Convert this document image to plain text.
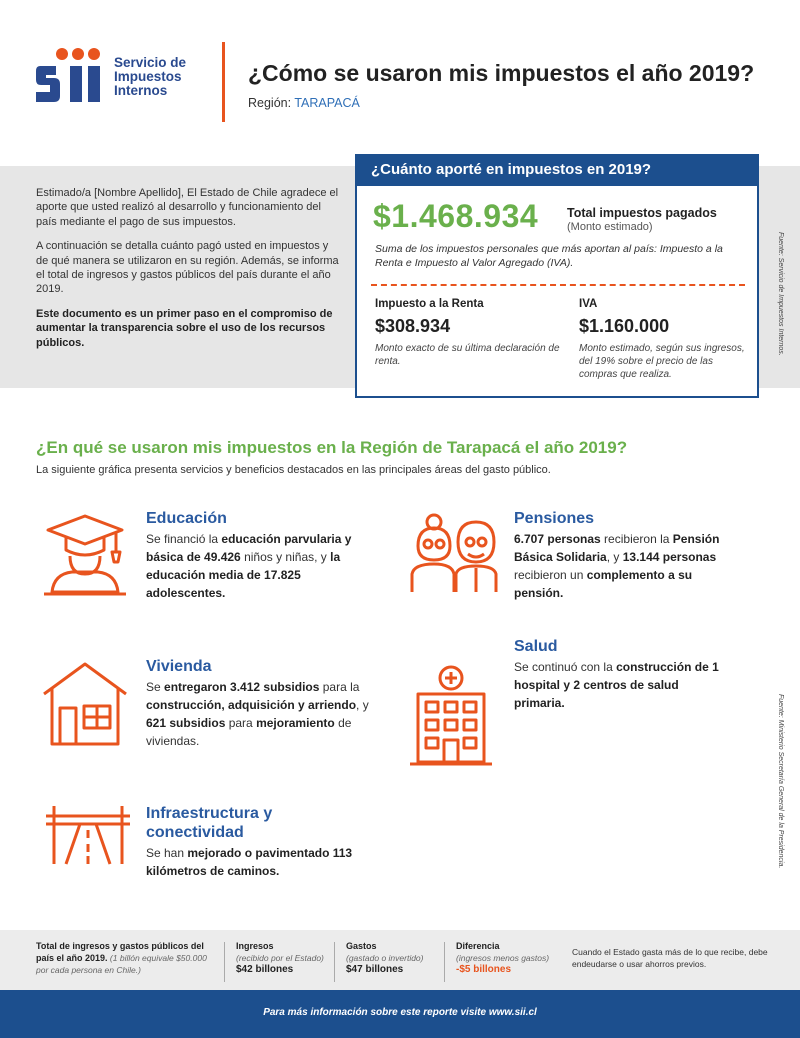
Servicio de
Impuestos
Internos
¿Cómo se usaron mis impuestos el año 2019?
Región: TARAPACÁ

Estimado/a [Nombre Apellido], El Estado de Chile agradece el aporte que usted realizó al desarrollo y funcionamiento del país mediante el pago de sus impuestos.

A continuación se detalla cuánto pagó usted en impuestos y de qué manera se utilizaron en su región. Además, se informa el total de ingresos y gastos públicos del país durante el año 2019.

Este documento es un primer paso en el compromiso de aumentar la transparencia sobre el uso de los recursos públicos.

¿Cuánto aporté en impuestos en 2019?
$1.468.934 Total impuestos pagados
(Monto estimado)
Suma de los impuestos personales que más aportan al país: Impuesto a la Renta e Impuesto al Valor Agregado (IVA).
Impuesto a la Renta
$308.934
Monto exacto de su última declaración de renta.
IVA
$1.160.000
Monto estimado, según sus ingresos, del 19% sobre el precio de las compras que realiza.
Fuente: Servicio de Impuestos Internos.
Fuente: Ministerio Secretaría General de la Presidencia.
¿En qué se usaron mis impuestos en la Región de Tarapacá el año 2019?
La siguiente gráfica presenta servicios y beneficios destacados en las principales áreas del gasto público.
Educación
Se financió la educación parvularia y básica de 49.426 niños y niñas, y la educación media de 17.825 adolescentes.
Pensiones
6.707 personas recibieron la Pensión Básica Solidaria, y 13.144 personas recibieron un complemento a su pensión.
Vivienda
Se entregaron 3.412 subsidios para la construcción, adquisición y arriendo, y 621 subsidios para mejoramiento de viviendas.
Salud
Se continuó con la construcción de 1 hospital y 2 centros de salud primaria.
Infraestructura y
conectividad
Se han mejorado o pavimentado 113 kilómetros de caminos.
Total de ingresos y gastos públicos del país el año 2019. (1 billón equivale $50.000 por cada persona en Chile.)
Ingresos
(recibido por el Estado)
$42 billones
Gastos
(gastado o invertido)
$47 billones
Diferencia
(ingresos menos gastos)
-$5 billones
Cuando el Estado gasta más de lo que recibe, debe endeudarse o usar ahorros previos.
Para más información sobre este reporte visite www.sii.cl
